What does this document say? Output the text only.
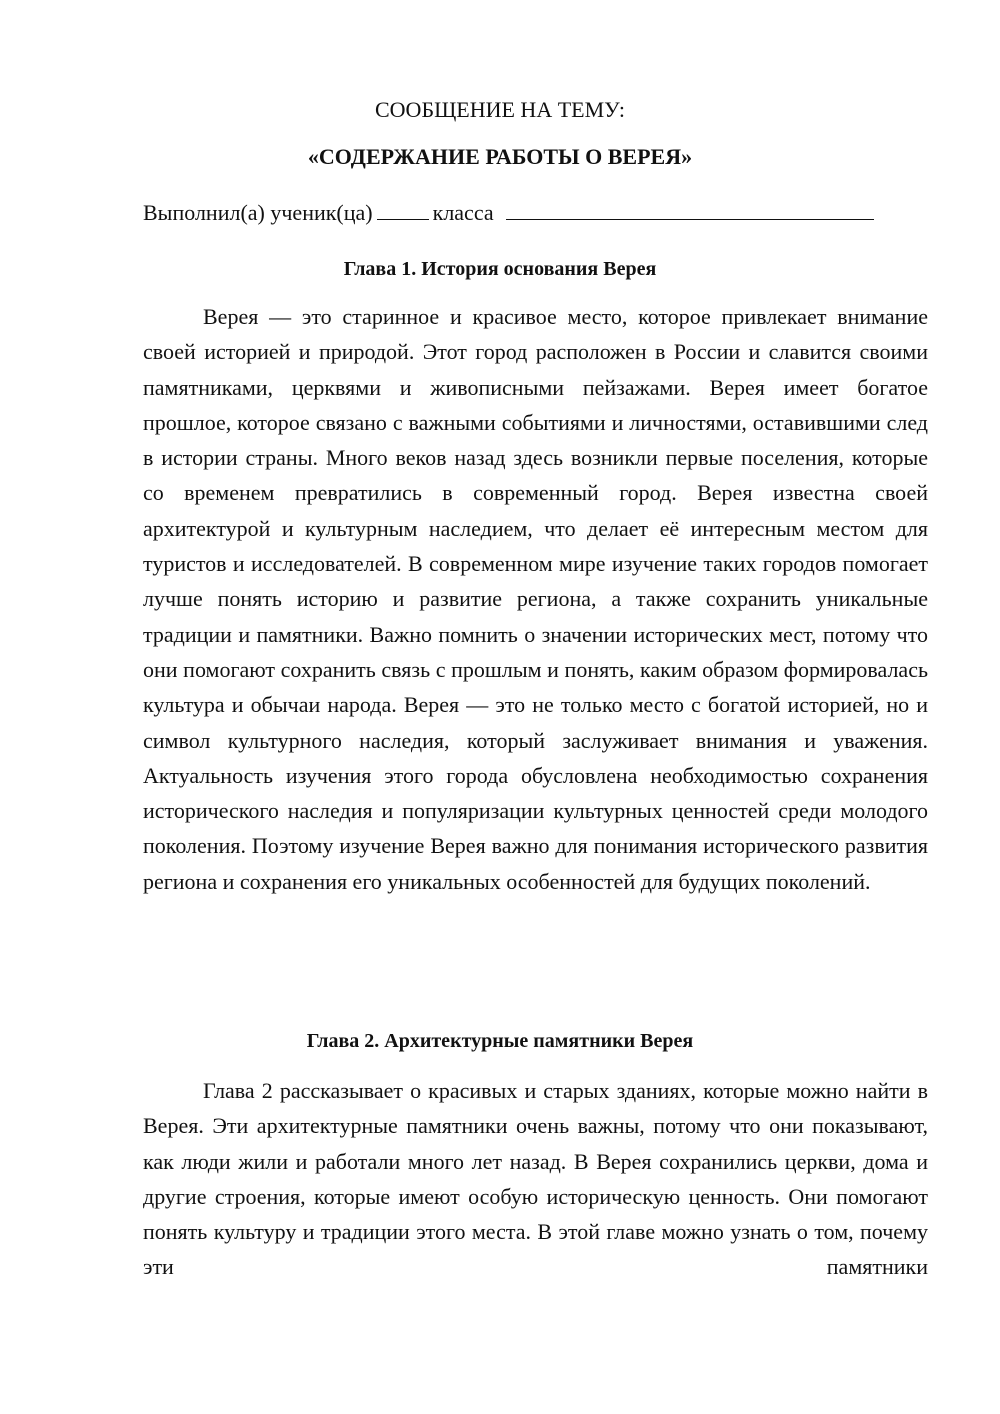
СООБЩЕНИЕ НА ТЕМУ:
«СОДЕРЖАНИЕ РАБОТЫ О ВЕРЕЯ»
Выполнил(а) ученик(ца)	класса
Глава 1. История основания Верея

Верея — это старинное и красивое место, которое привлекает внимание своей историей и природой. Этот город расположен в России и славится своими памятниками, церквями и живописными пейзажами. Верея имеет богатое прошлое, которое связано с важными событиями и личностями, оставившими след в истории страны. Много веков назад здесь возникли первые поселения, которые со временем превратились в современный город. Верея известна своей архитектурой и культурным наследием, что делает её интересным местом для туристов и исследователей. В современном мире изучение таких городов помогает лучше понять историю и развитие региона, а также сохранить уникальные традиции и памятники. Важно помнить о значении исторических мест, потому что они помогают сохранить связь с прошлым и понять, каким образом формировалась культура и обычаи народа. Верея — это не только место с богатой историей, но и символ культурного наследия, который заслуживает внимания и уважения. Актуальность изучения этого города обусловлена необходимостью сохранения исторического наследия и популяризации культурных ценностей среди молодого поколения. Поэтому изучение Верея важно для понимания исторического развития региона и сохранения его уникальных особенностей для будущих поколений.

Глава 2. Архитектурные памятники Верея

Глава 2 рассказывает о красивых и старых зданиях, которые можно найти в Верея. Эти архитектурные памятники очень важны, потому что они показывают, как люди жили и работали много лет назад. В Верея сохранились церкви, дома и другие строения, которые имеют особую историческую ценность. Они помогают понять культуру и традиции этого места. В этой главе можно узнать о том, почему эти памятники
